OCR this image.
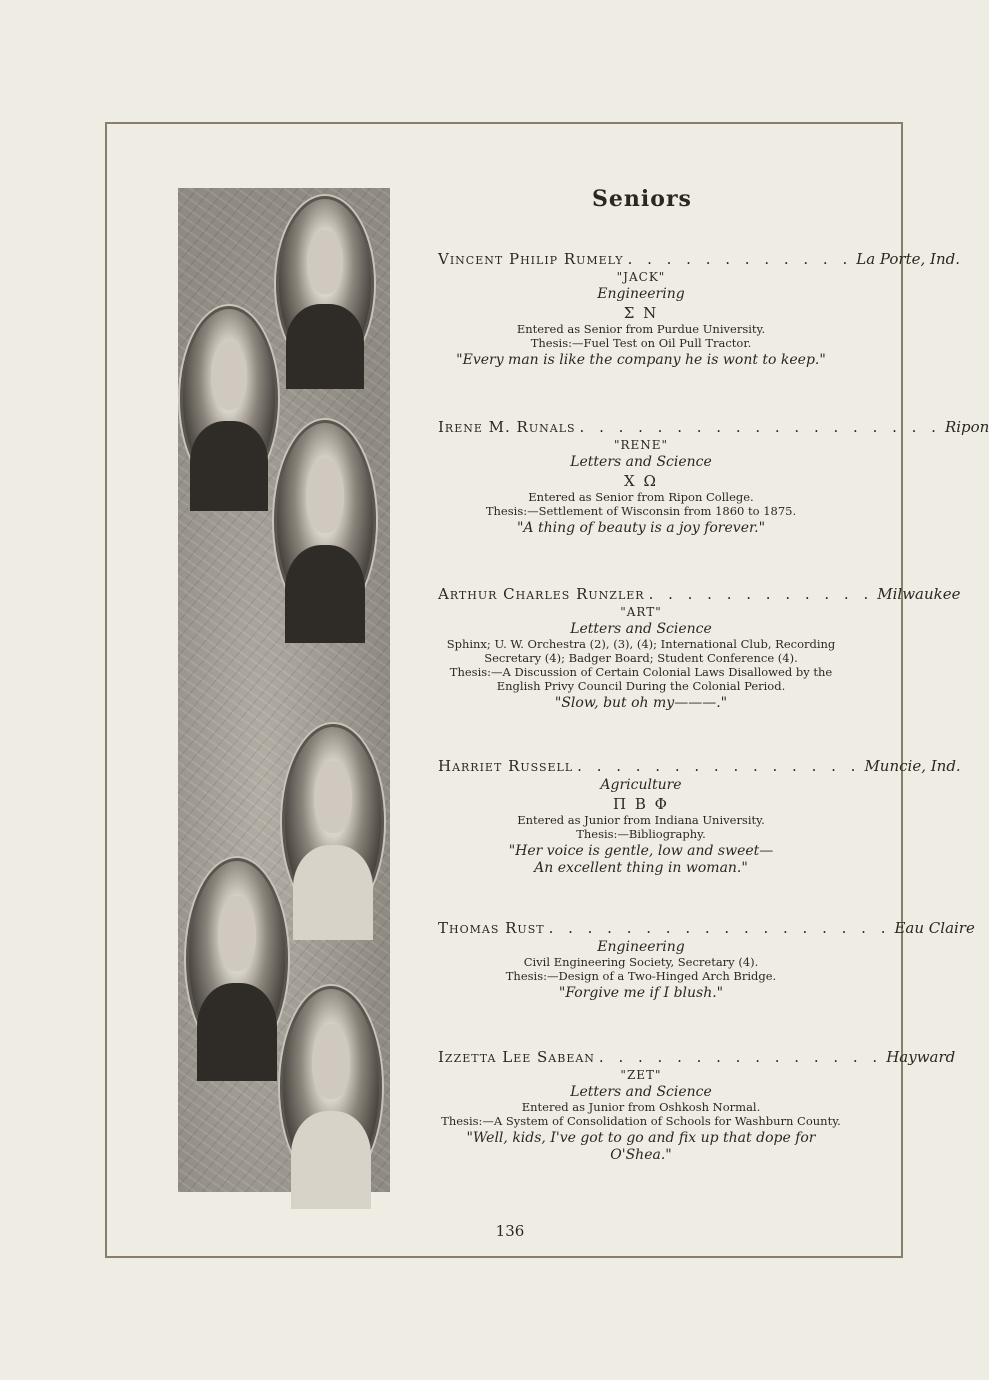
Seniors
Vincent Philip Rumely . . . . . . . . . . . . La Porte, Ind.
"JACK"
Engineering
Σ N
Entered as Senior from Purdue University.
Thesis:—Fuel Test on Oil Pull Tractor.
"Every man is like the company he is wont to keep."
Irene M. Runals . . . . . . . . . . . . . . . . . . . Ripon
"RENE"
Letters and Science
X Ω
Entered as Senior from Ripon College.
Thesis:—Settlement of Wisconsin from 1860 to 1875.
"A thing of beauty is a joy forever."
Arthur Charles Runzler . . . . . . . . . . . . Milwaukee
"ART"
Letters and Science
Sphinx; U. W. Orchestra (2), (3), (4); International Club, Recording Secretary (4); Badger Board; Student Conference (4).
Thesis:—A Discussion of Certain Colonial Laws Disallowed by the English Privy Council During the Colonial Period.
"Slow, but oh my———."
Harriet Russell . . . . . . . . . . . . . . . Muncie, Ind.
Agriculture
Π Β Φ
Entered as Junior from Indiana University.
Thesis:—Bibliography.
"Her voice is gentle, low and sweet— An excellent thing in woman."
Thomas Rust . . . . . . . . . . . . . . . . . . Eau Claire
Engineering
Civil Engineering Society, Secretary (4).
Thesis:—Design of a Two-Hinged Arch Bridge.
"Forgive me if I blush."
Izzetta Lee Sabean . . . . . . . . . . . . . . . Hayward
"ZET"
Letters and Science
Entered as Junior from Oshkosh Normal.
Thesis:—A System of Consolidation of Schools for Washburn County.
"Well, kids, I've got to go and fix up that dope for O'Shea."
136
